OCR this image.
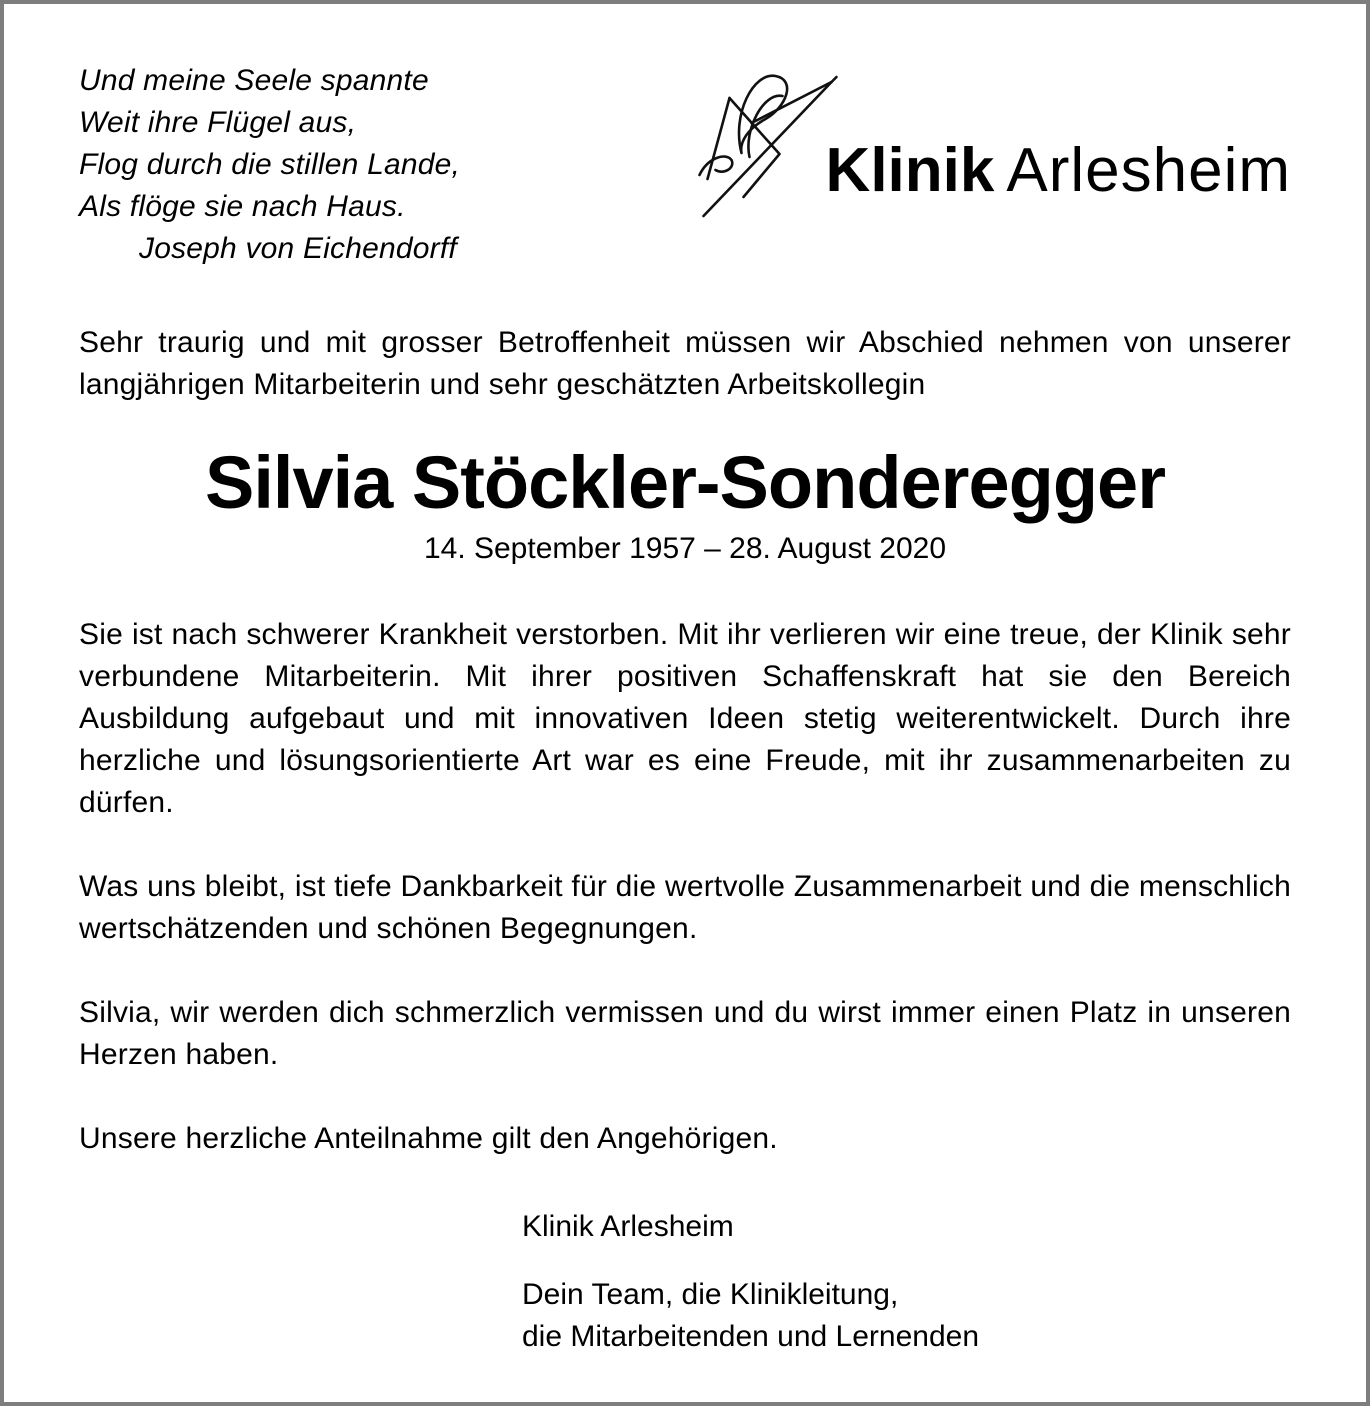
Und meine Seele spannte
Weit ihre Flügel aus,
Flog durch die stillen Lande,
Als flöge sie nach Haus.
Joseph von Eichendorff
Klinik Arlesheim

Sehr traurig und mit grosser Betroffenheit müssen wir Abschied nehmen von unserer langjährigen Mitarbeiterin und sehr geschätzten Arbeitskollegin

Silvia Stöckler-Sonderegger
14. September 1957 – 28. August 2020

Sie ist nach schwerer Krankheit verstorben. Mit ihr verlieren wir eine treue, der Klinik sehr verbundene Mitarbeiterin. Mit ihrer positiven Schaffenskraft hat sie den Bereich Ausbildung aufgebaut und mit innovativen Ideen stetig weiterentwickelt. Durch ihre herzliche und lösungsorientierte Art war es eine Freude, mit ihr zusammenarbeiten zu dürfen.

Was uns bleibt, ist tiefe Dankbarkeit für die wertvolle Zusammenarbeit und die menschlich wertschätzenden und schönen Begegnungen.

Silvia, wir werden dich schmerzlich vermissen und du wirst immer einen Platz in unseren Herzen haben.

Unsere herzliche Anteilnahme gilt den Angehörigen.

Klinik Arlesheim
Dein Team, die Klinikleitung,
die Mitarbeitenden und Lernenden
